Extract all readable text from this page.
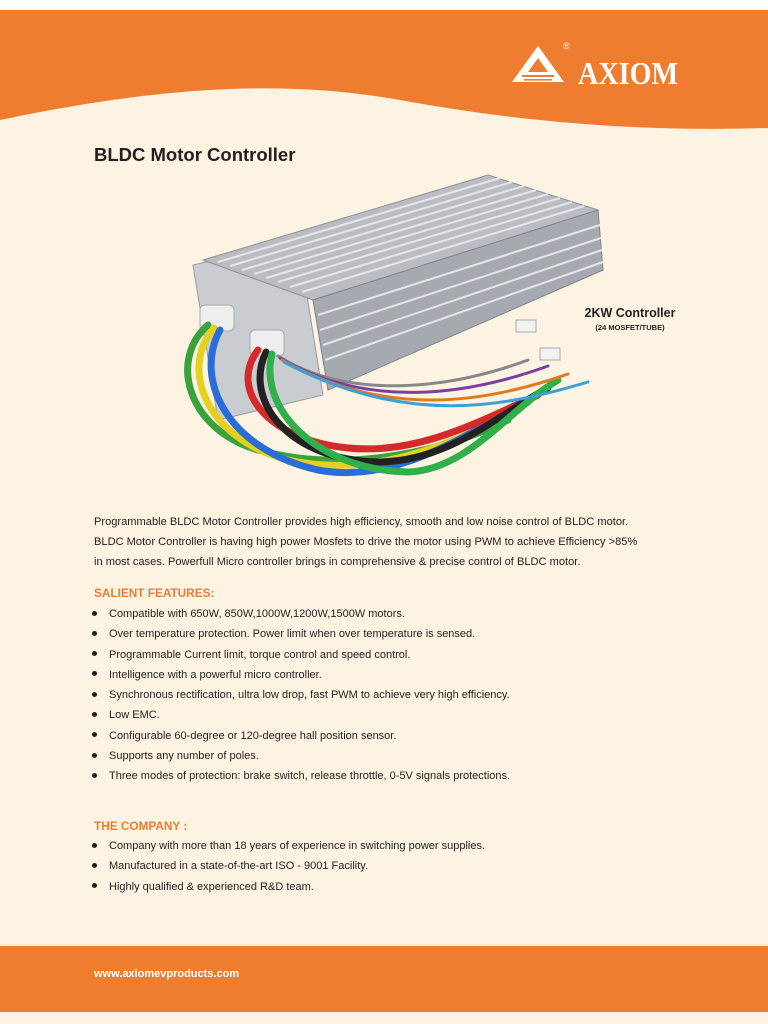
®
AXIOM
BLDC Motor Controller
2KW Controller
(24 MOSFET/TUBE)

Programmable BLDC Motor Controller provides high efficiency, smooth and low noise control of BLDC motor.

BLDC Motor Controller is having high power Mosfets to drive the motor using PWM to achieve Efficiency >85%

in most cases. Powerfull Micro controller brings in comprehensive & precise control of BLDC motor.

SALIENT FEATURES:
Compatible with 650W, 850W,1000W,1200W,1500W motors.
Over temperature protection. Power limit when over temperature is sensed.
Programmable Current limit, torque control and speed control.
Intelligence with a powerful micro controller.
Synchronous rectification, ultra low drop, fast PWM to achieve very high efficiency.
Low EMC.
Configurable 60-degree or 120-degree hall position sensor.
Supports any number of poles.
Three modes of protection: brake switch, release throttle, 0-5V signals protections.
THE COMPANY :
Company with more than 18 years of experience in switching power supplies.
Manufactured in a state-of-the-art ISO - 9001 Facility.
Highly qualified & experienced R&D team.
www.axiomevproducts.com
